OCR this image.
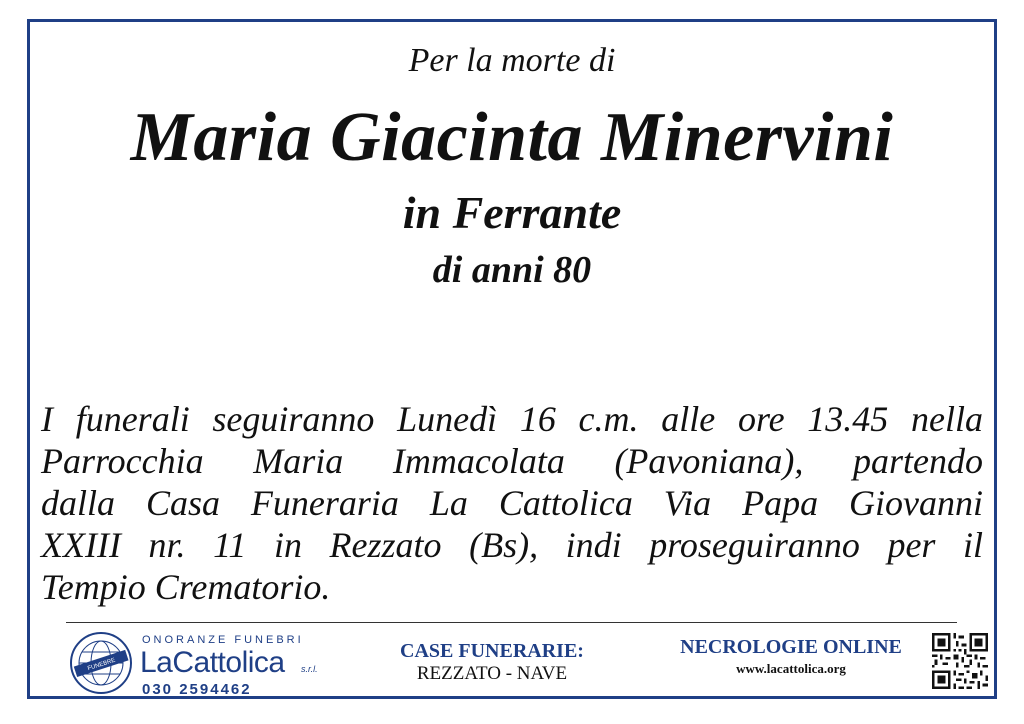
Per la morte di
Maria Giacinta Minervini
in Ferrante
di anni 80
I funerali seguiranno Lunedì 16 c.m. alle ore 13.45 nella
Parrocchia Maria Immacolata (Pavoniana), partendo
dalla Casa Funeraria La Cattolica Via Papa Giovanni
XXIII nr. 11 in Rezzato (Bs), indi proseguiranno per il
Tempio Crematorio.
FUNEBRE
ONORANZE FUNEBRI
LaCattolica s.r.l.
030 2594462
CASE FUNERARIE:
REZZATO - NAVE
NECROLOGIE ONLINE
www.lacattolica.org
